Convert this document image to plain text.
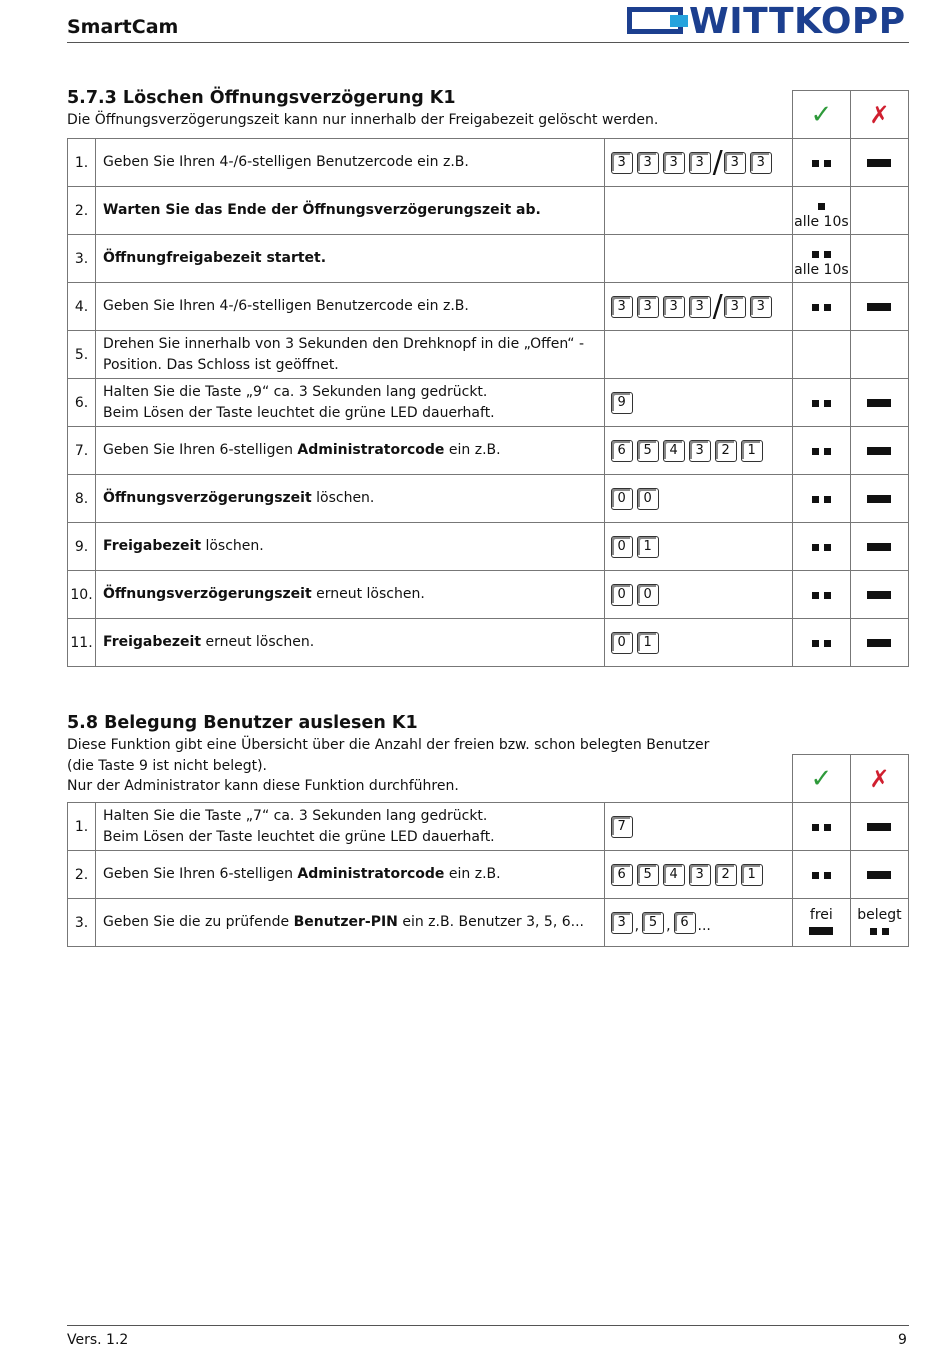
SmartCam	WITTKOPP
5.7.3 Löschen Öffnungsverzögerung K1
Die Öffnungsverzögerungszeit kann nur innerhalb der Freigabezeit gelöscht werden.
			✓	✗
1.	Geben Sie Ihren 4-/6-stelligen Benutzercode ein z.B.	3 3 3 3 / 3 3		
2.	Warten Sie das Ende der Öffnungsverzögerungszeit ab.		alle 10s	

3.	Öffnungfreigabezeit startet.		alle 10s	

4.	Geben Sie Ihren 4-/6-stelligen Benutzercode ein z.B.	3 3 3 3 / 3 3		
5.	Drehen Sie innerhalb von 3 Sekunden den Drehknopf in die „Offen“ - Position. Das Schloss ist geöffnet.			
6.	Halten Sie die Taste „9“ ca. 3 Sekunden lang gedrückt.
Beim Lösen der Taste leuchtet die grüne LED dauerhaft.	9		
7.	Geben Sie Ihren 6-stelligen Administratorcode ein z.B.	6 5 4 3 2 1		
8.	Öffnungsverzögerungszeit löschen.	0 0		
9.	Freigabezeit löschen.	0 1		
10.	Öffnungsverzögerungszeit erneut löschen.	0 0		
11.	Freigabezeit erneut löschen.	0 1		
5.8 Belegung Benutzer auslesen K1
Diese Funktion gibt eine Übersicht über die Anzahl der freien bzw. schon belegten Benutzer
(die Taste 9 ist nicht belegt).
Nur der Administrator kann diese Funktion durchführen.
			✓	✗
1.	Halten Sie die Taste „7“ ca. 3 Sekunden lang gedrückt.
Beim Lösen der Taste leuchtet die grüne LED dauerhaft.	7		
2.	Geben Sie Ihren 6-stelligen Administratorcode ein z.B.	6 5 4 3 2 1		
3.	Geben Sie die zu prüfende Benutzer-PIN ein z.B. Benutzer 3, 5, 6...	3 , 5 , 6 ...	frei	belegt
Vers. 1.2	9
